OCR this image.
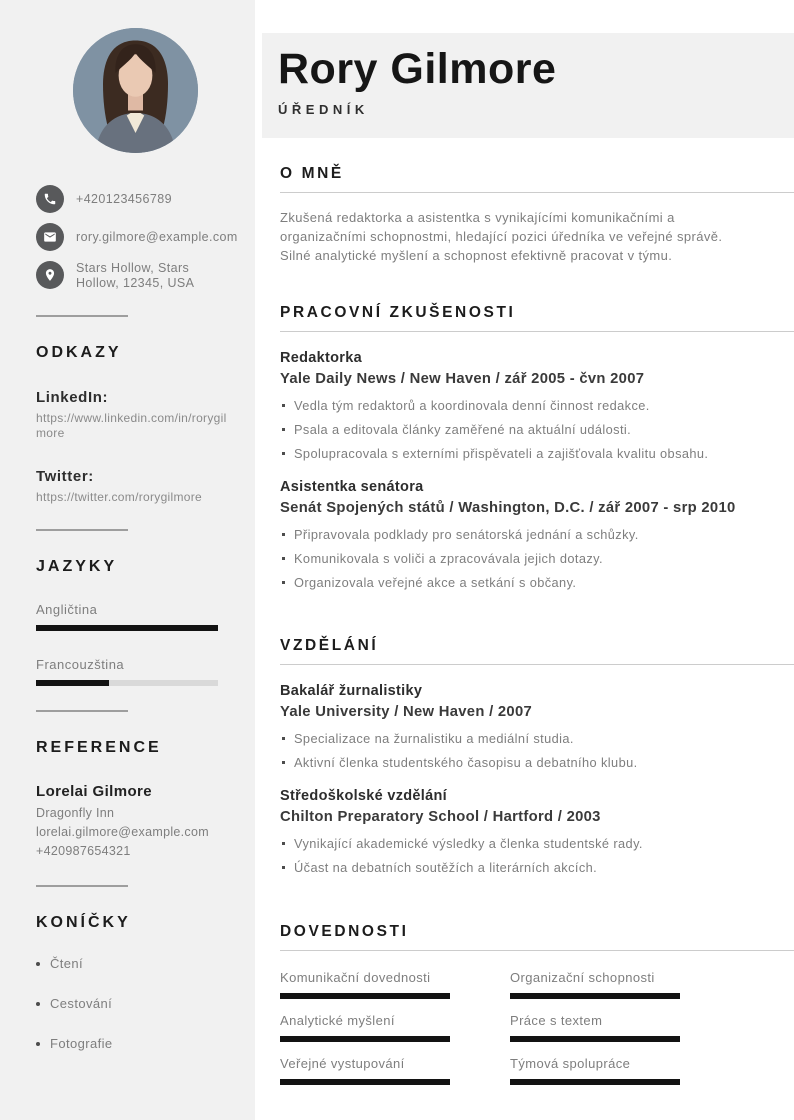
+420123456789
rory.gilmore@example.com
Stars Hollow, Stars
Hollow, 12345, USA
ODKAZY
LinkedIn:
https://www.linkedin.com/in/rorygilmore
Twitter:
https://twitter.com/rorygilmore
JAZYKY
Angličtina
Francouzština
REFERENCE
Lorelai Gilmore
Dragonfly Inn
lorelai.gilmore@example.com
+420987654321
KONÍČKY
Čtení
Cestování
Fotografie
Rory Gilmore
ÚŘEDNÍK
O MNĚ

Zkušená redaktorka a asistentka s vynikajícími komunikačními a organizačními schopnostmi, hledající pozici úředníka ve veřejné správě. Silné analytické myšlení a schopnost efektivně pracovat v týmu.

PRACOVNÍ ZKUŠENOSTI
Redaktorka
Yale Daily News / New Haven / zář 2005 - čvn 2007
Vedla tým redaktorů a koordinovala denní činnost redakce.
Psala a editovala články zaměřené na aktuální události.
Spolupracovala s externími přispěvateli a zajišťovala kvalitu obsahu.
Asistentka senátora
Senát Spojených států / Washington, D.C. / zář 2007 - srp 2010
Připravovala podklady pro senátorská jednání a schůzky.
Komunikovala s voliči a zpracovávala jejich dotazy.
Organizovala veřejné akce a setkání s občany.
VZDĚLÁNÍ
Bakalář žurnalistiky
Yale University / New Haven / 2007
Specializace na žurnalistiku a mediální studia.
Aktivní členka studentského časopisu a debatního klubu.
Středoškolské vzdělání
Chilton Preparatory School / Hartford / 2003
Vynikající akademické výsledky a členka studentské rady.
Účast na debatních soutěžích a literárních akcích.
DOVEDNOSTI
Komunikační dovednosti	Organizační schopnosti
Analytické myšlení	Práce s textem
Veřejné vystupování	Týmová spolupráce
